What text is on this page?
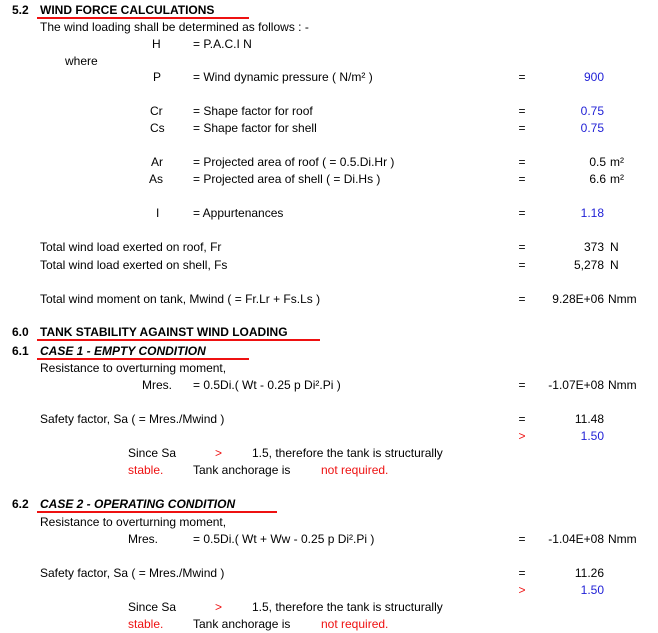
5.2 WIND FORCE CALCULATIONS
The wind loading shall be determined as follows : -
H	= P.A.C.I N
where
P	= Wind dynamic pressure ( N/m² )	=	900
Cr	= Shape factor for roof	=	0.75
Cs = Shape factor for shell	=	0.75
Ar	= Projected area of roof ( = 0.5.Di.Hr )	=	0.5 m²
As = Projected area of shell ( = Di.Hs )	=	6.6 m²
I	= Appurtenances	=	1.18
Total wind load exerted on roof, Fr	=	373 N
Total wind load exerted on shell, Fs	=	5,278 N
Total wind moment on tank, Mwind ( = Fr.Lr + Fs.Ls )	=	9.28E+06 Nmm
6.0 TANK STABILITY AGAINST WIND LOADING
6.1 CASE 1 - EMPTY CONDITION
Resistance to overturning moment,
Mres. = 0.5Di.( Wt - 0.25 p Di².Pi )	=	-1.07E+08 Nmm
Safety factor, Sa ( = Mres./Mwind )	=	11.48
>	1.50
Since Sa	> 1.5, therefore the tank is structurally
stable. Tank anchorage is	not required.
6.2 CASE 2 - OPERATING CONDITION
Resistance to overturning moment,
Mres.	= 0.5Di.( Wt + Ww - 0.25 p Di².Pi )	=	-1.04E+08 Nmm
Safety factor, Sa ( = Mres./Mwind )	=	11.26
>	1.50
Since Sa	> 1.5, therefore the tank is structurally
stable. Tank anchorage is	not required.
